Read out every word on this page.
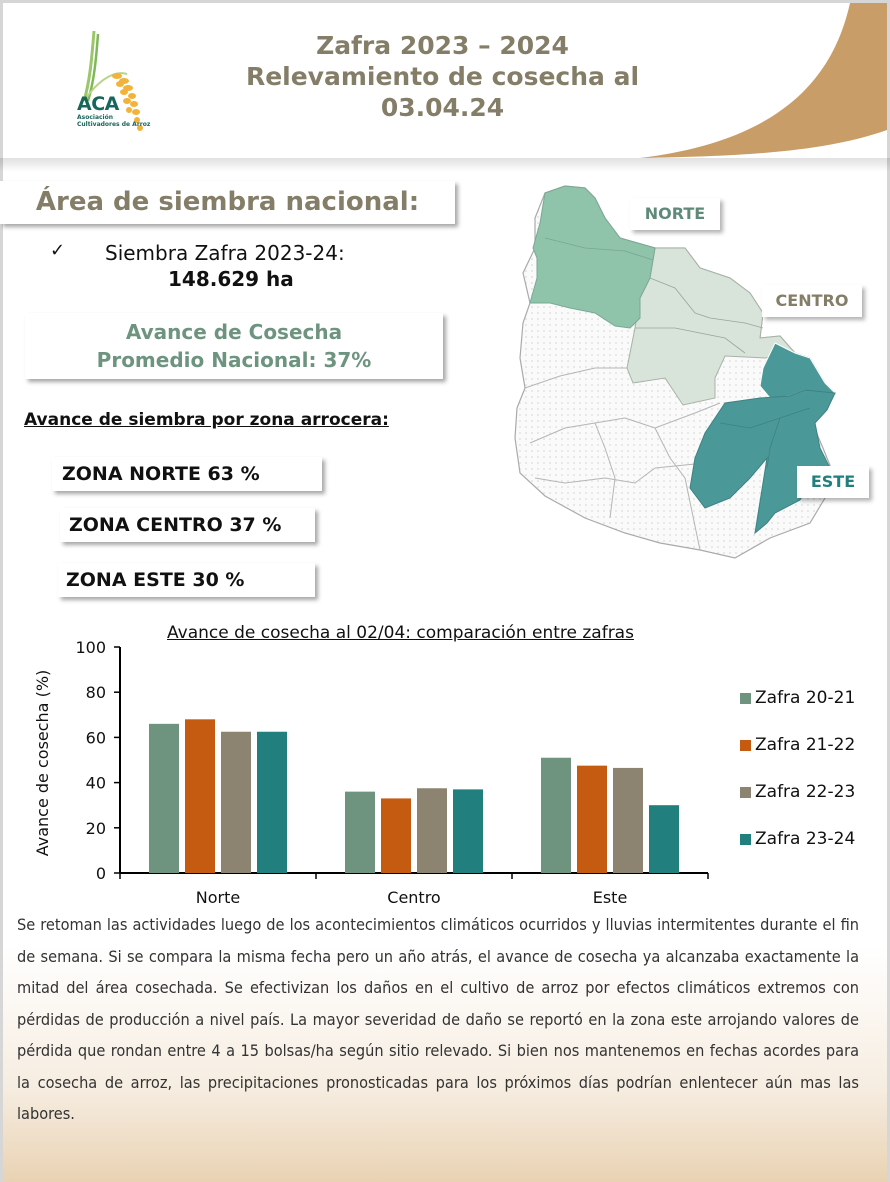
ACA
Asociación
Cultivadores de Arroz
Zafra 2023 – 2024
Relevamiento de cosecha al
03.04.24
Área de siembra nacional:
✓ Siembra Zafra 2023-24:
148.629 ha
Avance de Cosecha
Promedio Nacional: 37%
Avance de siembra por zona arrocera:
ZONA NORTE 63 %
ZONA CENTRO 37 %
ZONA ESTE 30 %
NORTE
CENTRO
ESTE
Avance de cosecha al 02/04: comparación entre zafras
0
20
40
60
80
100
Norte	Centro	Este
Avance de cosecha (%)	Zafra 20-21
Zafra 21-22
Zafra 22-23
Zafra 23-24
Se retoman las actividades luego de los acontecimientos climáticos ocurridos y lluvias intermitentes durante el fin de semana. Si se compara la misma fecha pero un año atrás, el avance de cosecha ya alcanzaba exactamente la mitad del área cosechada. Se efectivizan los daños en el cultivo de arroz por efectos climáticos extremos con pérdidas de producción a nivel país. La mayor severidad de daño se reportó en la zona este arrojando valores de pérdida que rondan entre 4 a 15 bolsas/ha según sitio relevado. Si bien nos mantenemos en fechas acordes para la cosecha de arroz, las precipitaciones pronosticadas para los próximos días podrían enlentecer aún mas las labores.
